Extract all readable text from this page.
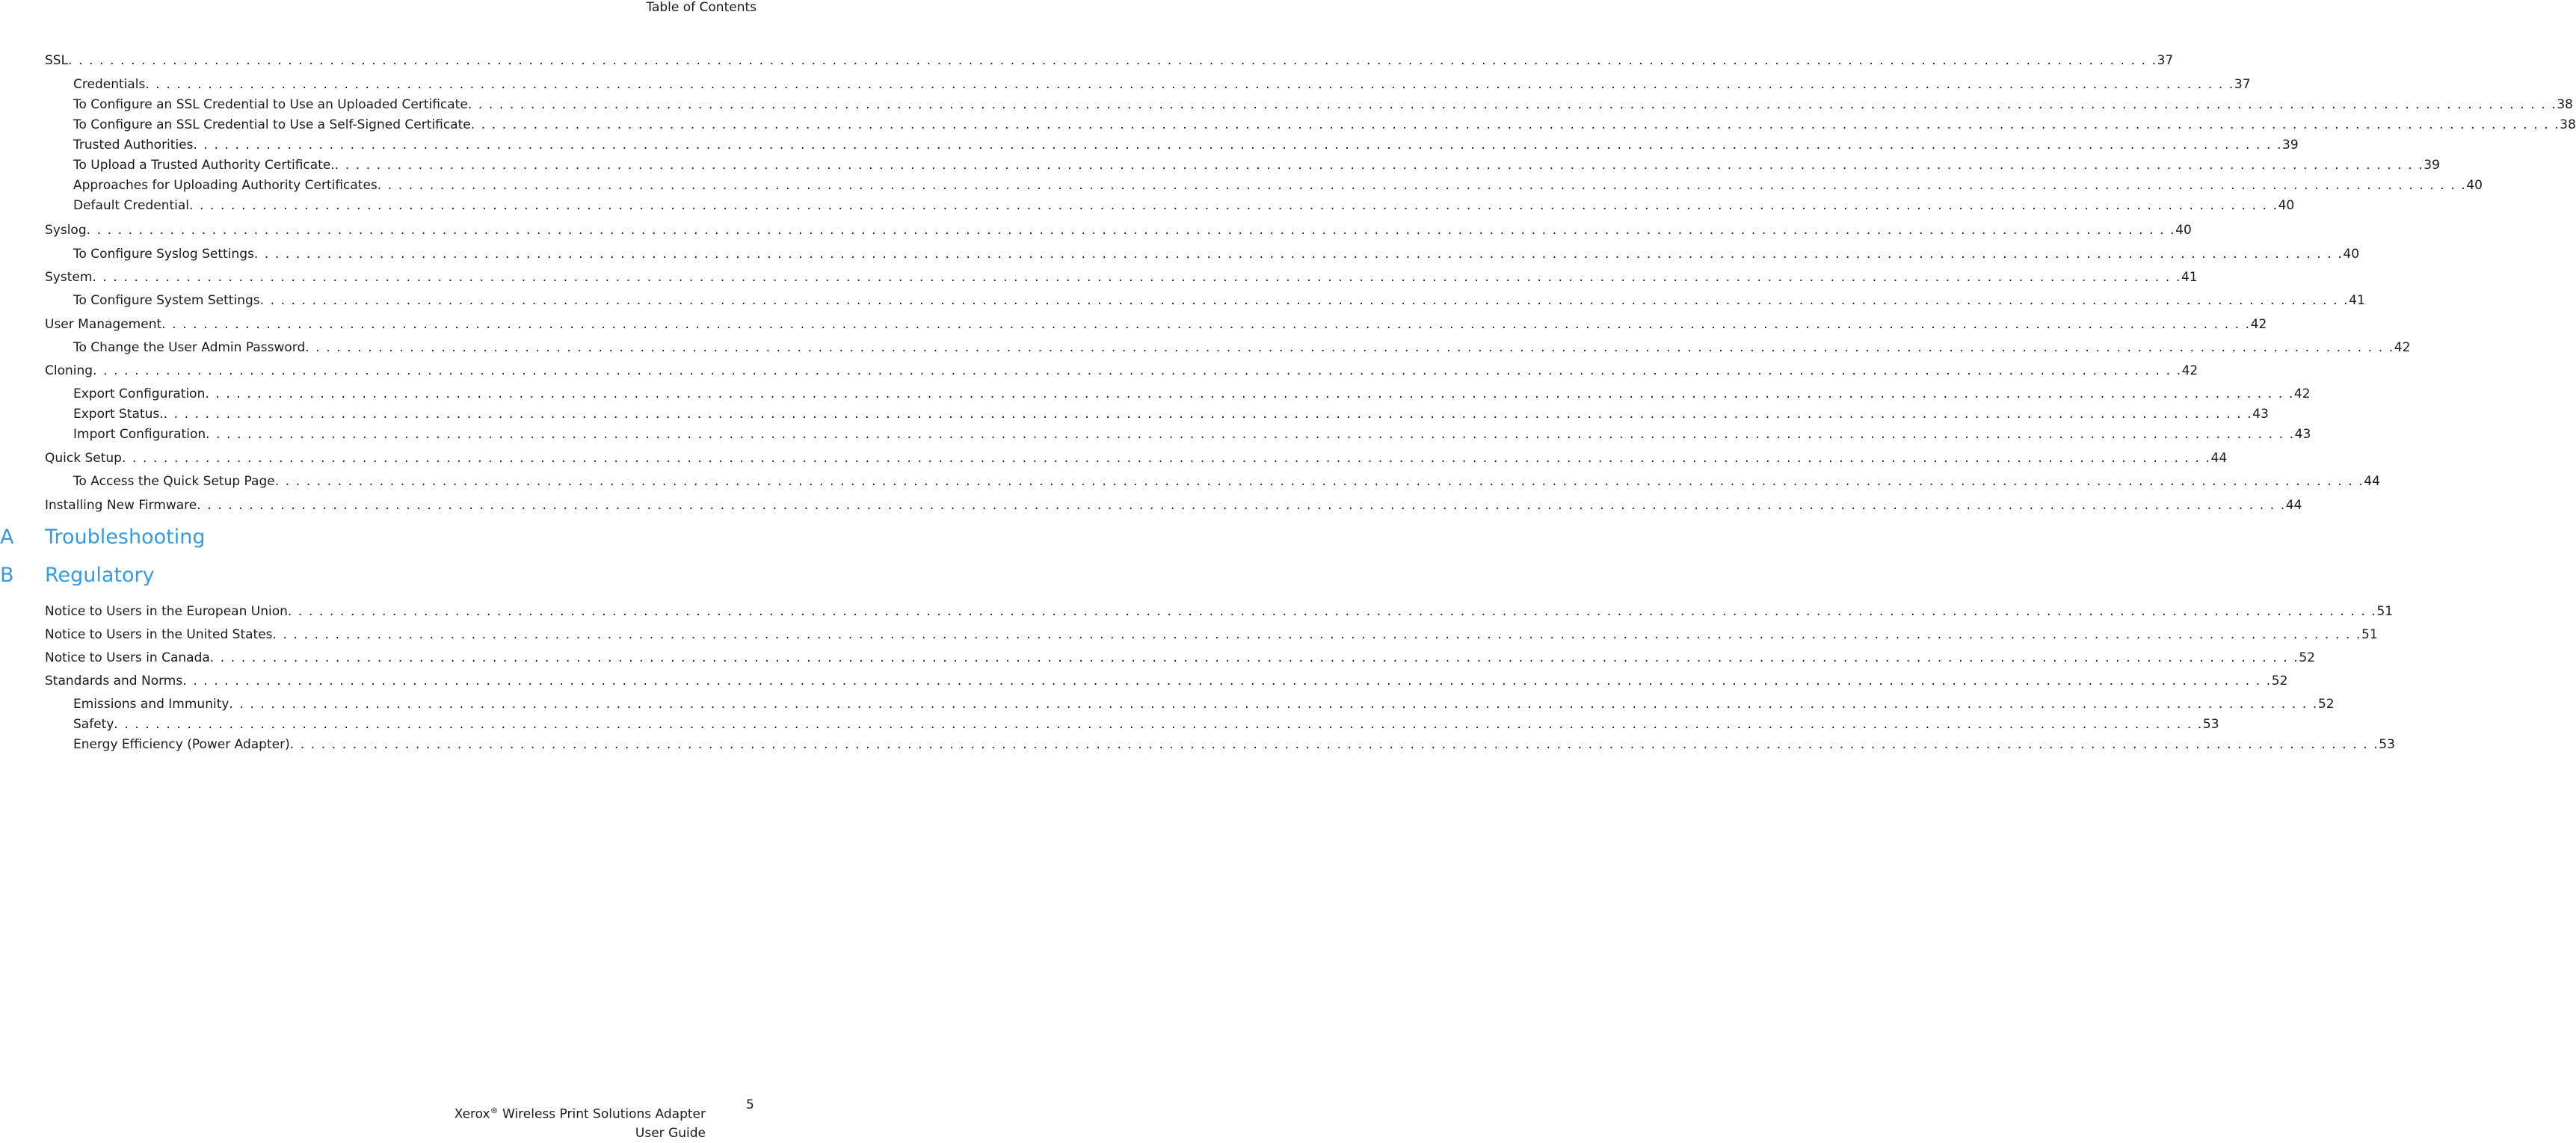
Table of Contents
SSL . . . . . . . . . . . . . . . . . . . . . . . . . . . . . . . . . . . . . . . . . . . . . . . . . . . . . . . . . . . . . . . . . . . . . . . . . . . . . . . . . . . . . . . . . . . . . . . . . . . . . . . . . . . . . . . . . . . . . . . . . . . . . . . . . . . . . . . . . . . . . . . . . . . . . . . . . . . . . . . . . . . . . . . . . . . . . . . . . . . . . . . . . . . . . . . . . . . . . . . . 37
Credentials . . . . . . . . . . . . . . . . . . . . . . . . . . . . . . . . . . . . . . . . . . . . . . . . . . . . . . . . . . . . . . . . . . . . . . . . . . . . . . . . . . . . . . . . . . . . . . . . . . . . . . . . . . . . . . . . . . . . . . . . . . . . . . . . . . . . . . . . . . . . . . . . . . . . . . . . . . . . . . . . . . . . . . . . . . . . . . . . . . . . . . . . . . . . . . . . . . . . . . . . 37
To Configure an SSL Credential to Use an Uploaded Certificate . . . . . . . . . . . . . . . . . . . . . . . . . . . . . . . . . . . . . . . . . . . . . . . . . . . . . . . . . . . . . . . . . . . . . . . . . . . . . . . . . . . . . . . . . . . . . . . . . . . . . . . . . . . . . . . . . . . . . . . . . . . . . . . . . . . . . . . . . . . . . . . . . . . . . . . . . . . . . . . . . . . . . . . . . . . . . . . . . . . . . . . . . . . . . . . . . . . . . . . . 38
To Configure an SSL Credential to Use a Self-Signed Certificate . . . . . . . . . . . . . . . . . . . . . . . . . . . . . . . . . . . . . . . . . . . . . . . . . . . . . . . . . . . . . . . . . . . . . . . . . . . . . . . . . . . . . . . . . . . . . . . . . . . . . . . . . . . . . . . . . . . . . . . . . . . . . . . . . . . . . . . . . . . . . . . . . . . . . . . . . . . . . . . . . . . . . . . . . . . . . . . . . . . . . . . . . . . . . . . . . . . . . . . . 38
Trusted Authorities . . . . . . . . . . . . . . . . . . . . . . . . . . . . . . . . . . . . . . . . . . . . . . . . . . . . . . . . . . . . . . . . . . . . . . . . . . . . . . . . . . . . . . . . . . . . . . . . . . . . . . . . . . . . . . . . . . . . . . . . . . . . . . . . . . . . . . . . . . . . . . . . . . . . . . . . . . . . . . . . . . . . . . . . . . . . . . . . . . . . . . . . . . . . . . . . . . . . . . . . 39
To Upload a Trusted Authority Certificate. . . . . . . . . . . . . . . . . . . . . . . . . . . . . . . . . . . . . . . . . . . . . . . . . . . . . . . . . . . . . . . . . . . . . . . . . . . . . . . . . . . . . . . . . . . . . . . . . . . . . . . . . . . . . . . . . . . . . . . . . . . . . . . . . . . . . . . . . . . . . . . . . . . . . . . . . . . . . . . . . . . . . . . . . . . . . . . . . . . . . . . . . . . . . . . . . . . . . . . . . 39
Approaches for Uploading Authority Certificates . . . . . . . . . . . . . . . . . . . . . . . . . . . . . . . . . . . . . . . . . . . . . . . . . . . . . . . . . . . . . . . . . . . . . . . . . . . . . . . . . . . . . . . . . . . . . . . . . . . . . . . . . . . . . . . . . . . . . . . . . . . . . . . . . . . . . . . . . . . . . . . . . . . . . . . . . . . . . . . . . . . . . . . . . . . . . . . . . . . . . . . . . . . . . . . . . . . . . . . . 40
Default Credential . . . . . . . . . . . . . . . . . . . . . . . . . . . . . . . . . . . . . . . . . . . . . . . . . . . . . . . . . . . . . . . . . . . . . . . . . . . . . . . . . . . . . . . . . . . . . . . . . . . . . . . . . . . . . . . . . . . . . . . . . . . . . . . . . . . . . . . . . . . . . . . . . . . . . . . . . . . . . . . . . . . . . . . . . . . . . . . . . . . . . . . . . . . . . . . . . . . . . . . . 40
Syslog . . . . . . . . . . . . . . . . . . . . . . . . . . . . . . . . . . . . . . . . . . . . . . . . . . . . . . . . . . . . . . . . . . . . . . . . . . . . . . . . . . . . . . . . . . . . . . . . . . . . . . . . . . . . . . . . . . . . . . . . . . . . . . . . . . . . . . . . . . . . . . . . . . . . . . . . . . . . . . . . . . . . . . . . . . . . . . . . . . . . . . . . . . . . . . . . . . . . . . . . 40
To Configure Syslog Settings . . . . . . . . . . . . . . . . . . . . . . . . . . . . . . . . . . . . . . . . . . . . . . . . . . . . . . . . . . . . . . . . . . . . . . . . . . . . . . . . . . . . . . . . . . . . . . . . . . . . . . . . . . . . . . . . . . . . . . . . . . . . . . . . . . . . . . . . . . . . . . . . . . . . . . . . . . . . . . . . . . . . . . . . . . . . . . . . . . . . . . . . . . . . . . . . . . . . . . . . 40
System . . . . . . . . . . . . . . . . . . . . . . . . . . . . . . . . . . . . . . . . . . . . . . . . . . . . . . . . . . . . . . . . . . . . . . . . . . . . . . . . . . . . . . . . . . . . . . . . . . . . . . . . . . . . . . . . . . . . . . . . . . . . . . . . . . . . . . . . . . . . . . . . . . . . . . . . . . . . . . . . . . . . . . . . . . . . . . . . . . . . . . . . . . . . . . . . . . . . . . . . 41
To Configure System Settings . . . . . . . . . . . . . . . . . . . . . . . . . . . . . . . . . . . . . . . . . . . . . . . . . . . . . . . . . . . . . . . . . . . . . . . . . . . . . . . . . . . . . . . . . . . . . . . . . . . . . . . . . . . . . . . . . . . . . . . . . . . . . . . . . . . . . . . . . . . . . . . . . . . . . . . . . . . . . . . . . . . . . . . . . . . . . . . . . . . . . . . . . . . . . . . . . . . . . . . . 41
User Management . . . . . . . . . . . . . . . . . . . . . . . . . . . . . . . . . . . . . . . . . . . . . . . . . . . . . . . . . . . . . . . . . . . . . . . . . . . . . . . . . . . . . . . . . . . . . . . . . . . . . . . . . . . . . . . . . . . . . . . . . . . . . . . . . . . . . . . . . . . . . . . . . . . . . . . . . . . . . . . . . . . . . . . . . . . . . . . . . . . . . . . . . . . . . . . . . . . . . . . . 42
To Change the User Admin Password . . . . . . . . . . . . . . . . . . . . . . . . . . . . . . . . . . . . . . . . . . . . . . . . . . . . . . . . . . . . . . . . . . . . . . . . . . . . . . . . . . . . . . . . . . . . . . . . . . . . . . . . . . . . . . . . . . . . . . . . . . . . . . . . . . . . . . . . . . . . . . . . . . . . . . . . . . . . . . . . . . . . . . . . . . . . . . . . . . . . . . . . . . . . . . . . . . . . . . . . 42
Cloning . . . . . . . . . . . . . . . . . . . . . . . . . . . . . . . . . . . . . . . . . . . . . . . . . . . . . . . . . . . . . . . . . . . . . . . . . . . . . . . . . . . . . . . . . . . . . . . . . . . . . . . . . . . . . . . . . . . . . . . . . . . . . . . . . . . . . . . . . . . . . . . . . . . . . . . . . . . . . . . . . . . . . . . . . . . . . . . . . . . . . . . . . . . . . . . . . . . . . . . . 42
Export Configuration . . . . . . . . . . . . . . . . . . . . . . . . . . . . . . . . . . . . . . . . . . . . . . . . . . . . . . . . . . . . . . . . . . . . . . . . . . . . . . . . . . . . . . . . . . . . . . . . . . . . . . . . . . . . . . . . . . . . . . . . . . . . . . . . . . . . . . . . . . . . . . . . . . . . . . . . . . . . . . . . . . . . . . . . . . . . . . . . . . . . . . . . . . . . . . . . . . . . . . . . 42
Export Status. . . . . . . . . . . . . . . . . . . . . . . . . . . . . . . . . . . . . . . . . . . . . . . . . . . . . . . . . . . . . . . . . . . . . . . . . . . . . . . . . . . . . . . . . . . . . . . . . . . . . . . . . . . . . . . . . . . . . . . . . . . . . . . . . . . . . . . . . . . . . . . . . . . . . . . . . . . . . . . . . . . . . . . . . . . . . . . . . . . . . . . . . . . . . . . . . . . . . . . . . 43
Import Configuration . . . . . . . . . . . . . . . . . . . . . . . . . . . . . . . . . . . . . . . . . . . . . . . . . . . . . . . . . . . . . . . . . . . . . . . . . . . . . . . . . . . . . . . . . . . . . . . . . . . . . . . . . . . . . . . . . . . . . . . . . . . . . . . . . . . . . . . . . . . . . . . . . . . . . . . . . . . . . . . . . . . . . . . . . . . . . . . . . . . . . . . . . . . . . . . . . . . . . . . . 43
Quick Setup . . . . . . . . . . . . . . . . . . . . . . . . . . . . . . . . . . . . . . . . . . . . . . . . . . . . . . . . . . . . . . . . . . . . . . . . . . . . . . . . . . . . . . . . . . . . . . . . . . . . . . . . . . . . . . . . . . . . . . . . . . . . . . . . . . . . . . . . . . . . . . . . . . . . . . . . . . . . . . . . . . . . . . . . . . . . . . . . . . . . . . . . . . . . . . . . . . . . . . . . 44
To Access the Quick Setup Page . . . . . . . . . . . . . . . . . . . . . . . . . . . . . . . . . . . . . . . . . . . . . . . . . . . . . . . . . . . . . . . . . . . . . . . . . . . . . . . . . . . . . . . . . . . . . . . . . . . . . . . . . . . . . . . . . . . . . . . . . . . . . . . . . . . . . . . . . . . . . . . . . . . . . . . . . . . . . . . . . . . . . . . . . . . . . . . . . . . . . . . . . . . . . . . . . . . . . . . . 44
Installing New Firmware . . . . . . . . . . . . . . . . . . . . . . . . . . . . . . . . . . . . . . . . . . . . . . . . . . . . . . . . . . . . . . . . . . . . . . . . . . . . . . . . . . . . . . . . . . . . . . . . . . . . . . . . . . . . . . . . . . . . . . . . . . . . . . . . . . . . . . . . . . . . . . . . . . . . . . . . . . . . . . . . . . . . . . . . . . . . . . . . . . . . . . . . . . . . . . . . . . . . . . . . 44
A Troubleshooting
B Regulatory
Notice to Users in the European Union . . . . . . . . . . . . . . . . . . . . . . . . . . . . . . . . . . . . . . . . . . . . . . . . . . . . . . . . . . . . . . . . . . . . . . . . . . . . . . . . . . . . . . . . . . . . . . . . . . . . . . . . . . . . . . . . . . . . . . . . . . . . . . . . . . . . . . . . . . . . . . . . . . . . . . . . . . . . . . . . . . . . . . . . . . . . . . . . . . . . . . . . . . . . . . . . . . . . . . . . 51
Notice to Users in the United States . . . . . . . . . . . . . . . . . . . . . . . . . . . . . . . . . . . . . . . . . . . . . . . . . . . . . . . . . . . . . . . . . . . . . . . . . . . . . . . . . . . . . . . . . . . . . . . . . . . . . . . . . . . . . . . . . . . . . . . . . . . . . . . . . . . . . . . . . . . . . . . . . . . . . . . . . . . . . . . . . . . . . . . . . . . . . . . . . . . . . . . . . . . . . . . . . . . . . . . . 51
Notice to Users in Canada . . . . . . . . . . . . . . . . . . . . . . . . . . . . . . . . . . . . . . . . . . . . . . . . . . . . . . . . . . . . . . . . . . . . . . . . . . . . . . . . . . . . . . . . . . . . . . . . . . . . . . . . . . . . . . . . . . . . . . . . . . . . . . . . . . . . . . . . . . . . . . . . . . . . . . . . . . . . . . . . . . . . . . . . . . . . . . . . . . . . . . . . . . . . . . . . . . . . . . . . 52
Standards and Norms . . . . . . . . . . . . . . . . . . . . . . . . . . . . . . . . . . . . . . . . . . . . . . . . . . . . . . . . . . . . . . . . . . . . . . . . . . . . . . . . . . . . . . . . . . . . . . . . . . . . . . . . . . . . . . . . . . . . . . . . . . . . . . . . . . . . . . . . . . . . . . . . . . . . . . . . . . . . . . . . . . . . . . . . . . . . . . . . . . . . . . . . . . . . . . . . . . . . . . . . 52
Emissions and Immunity . . . . . . . . . . . . . . . . . . . . . . . . . . . . . . . . . . . . . . . . . . . . . . . . . . . . . . . . . . . . . . . . . . . . . . . . . . . . . . . . . . . . . . . . . . . . . . . . . . . . . . . . . . . . . . . . . . . . . . . . . . . . . . . . . . . . . . . . . . . . . . . . . . . . . . . . . . . . . . . . . . . . . . . . . . . . . . . . . . . . . . . . . . . . . . . . . . . . . . . . 52
Safety . . . . . . . . . . . . . . . . . . . . . . . . . . . . . . . . . . . . . . . . . . . . . . . . . . . . . . . . . . . . . . . . . . . . . . . . . . . . . . . . . . . . . . . . . . . . . . . . . . . . . . . . . . . . . . . . . . . . . . . . . . . . . . . . . . . . . . . . . . . . . . . . . . . . . . . . . . . . . . . . . . . . . . . . . . . . . . . . . . . . . . . . . . . . . . . . . . . . . . . . 53
Energy Efficiency (Power Adapter) . . . . . . . . . . . . . . . . . . . . . . . . . . . . . . . . . . . . . . . . . . . . . . . . . . . . . . . . . . . . . . . . . . . . . . . . . . . . . . . . . . . . . . . . . . . . . . . . . . . . . . . . . . . . . . . . . . . . . . . . . . . . . . . . . . . . . . . . . . . . . . . . . . . . . . . . . . . . . . . . . . . . . . . . . . . . . . . . . . . . . . . . . . . . . . . . . . . . . . . . 53
Xerox® Wireless Print Solutions Adapter
User Guide
5
